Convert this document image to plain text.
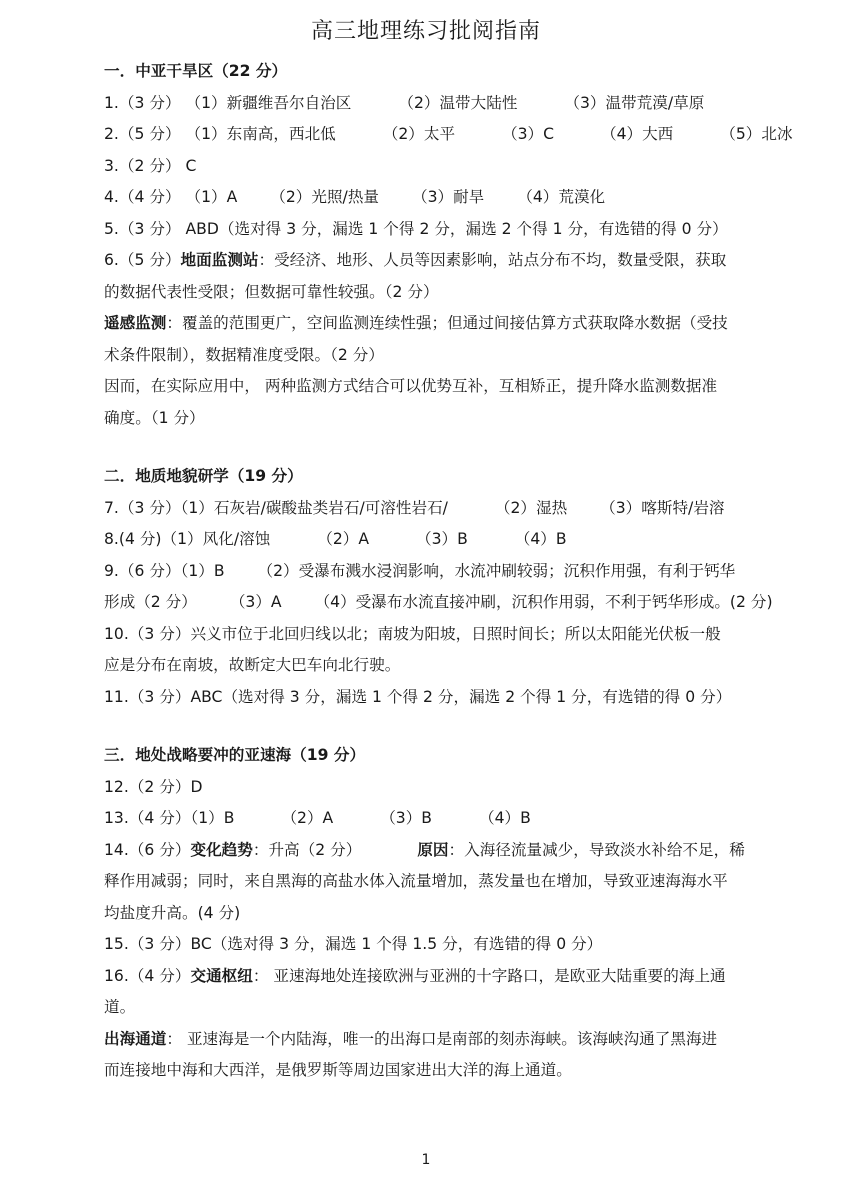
高三地理练习批阅指南
一．中亚干旱区（22 分）
1.（3 分） （1）新疆维吾尔自治区	（2）温带大陆性	（3）温带荒漠/草原
2.（5 分） （1）东南高，西北低	（2）太平	（3）C	（4）大西	（5）北冰
3.（2 分） C
4.（4 分） （1）A （2）光照/热量 （3）耐旱 （4）荒漠化
5.（3 分） ABD（选对得 3 分，漏选 1 个得 2 分，漏选 2 个得 1 分，有选错的得 0 分）
6.（5 分）地面监测站：受经济、地形、人员等因素影响，站点分布不均，数量受限，获取
的数据代表性受限；但数据可靠性较强。（2 分）
遥感监测：覆盖的范围更广，空间监测连续性强；但通过间接估算方式获取降水数据（受技
术条件限制），数据精准度受限。（2 分）
因而，在实际应用中， 两种监测方式结合可以优势互补，互相矫正，提升降水监测数据准
确度。（1 分）
二．地质地貌研学（19 分）
7.（3 分）（1）石灰岩/碳酸盐类岩石/可溶性岩石/	（2）湿热 （3）喀斯特/岩溶
8.(4 分)（1）风化/溶蚀	（2）A	（3）B	（4）B
9.（6 分）（1）B （2）受瀑布溅水浸润影响，水流冲刷较弱；沉积作用强，有利于钙华
形成（2 分） （3）A （4）受瀑布水流直接冲刷，沉积作用弱，不利于钙华形成。(2 分)
10.（3 分）兴义市位于北回归线以北；南坡为阳坡，日照时间长；所以太阳能光伏板一般
应是分布在南坡，故断定大巴车向北行驶。
11.（3 分）ABC（选对得 3 分，漏选 1 个得 2 分，漏选 2 个得 1 分，有选错的得 0 分）
三．地处战略要冲的亚速海（19 分）
12.（2 分）D
13.（4 分）（1）B	（2）A	（3）B	（4）B
14.（6 分）变化趋势：升高（2 分）	原因：入海径流量减少，导致淡水补给不足，稀
释作用减弱；同时，来自黑海的高盐水体入流量增加，蒸发量也在增加，导致亚速海海水平
均盐度升高。(4 分)
15.（3 分）BC（选对得 3 分，漏选 1 个得 1.5 分，有选错的得 0 分）
16.（4 分）交通枢纽： 亚速海地处连接欧洲与亚洲的十字路口，是欧亚大陆重要的海上通
道。
出海通道： 亚速海是一个内陆海，唯一的出海口是南部的刻赤海峡。该海峡沟通了黑海进
而连接地中海和大西洋，是俄罗斯等周边国家进出大洋的海上通道。
1
